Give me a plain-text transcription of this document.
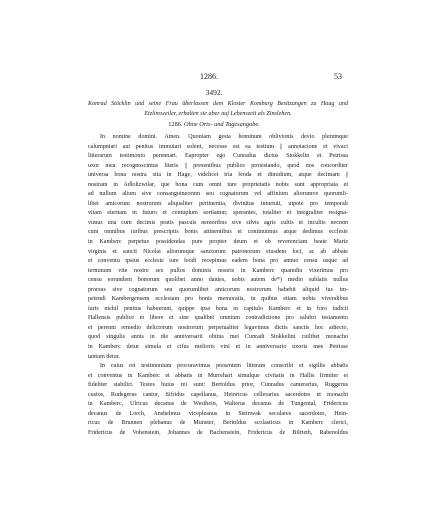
1286.	53
3492.
Konrad Stöcklin und seine Frau überlassen dem Kloster Komburg Besitzungen zu Haug und
Etzlinsweiler, erhalten sie aber auf Lebenszeit als Zinslehen.
1286. Ohne Orts- und Tagesangabe.
In nomine domini. Amen. Quoniam gesta hominum oblivionis devio plerumque
calumpniari aut penitus immutari solent, necesse est ea testium || annotacione et vivaci
litterarum testimonio perennari. Eapropter ego Cunradus dictus Stokkelin et Petrissa
uxor mea recognoscimus literis || presentibus publice protestando, quod nos concorditer
universa bona nostra sita in Hage, videlicet tria feoda et dimidium, atque decimam ||
nostram in Adloltzwilar, que bona cum omni iure proprietatis nobis sunt appropriata et
ad nullum alium sive consanguineorum seu cognatorum vel affinium aliorumve quorumli-
libet amicorum nostrorum aliqualiter pertinentia, divinitus inturtuti, utpote pro temporali
vitam eternam in futuro et centuplum sortiamur, sperantes, totaliter et integraliter resigna-
vimus una cum decimis pratis pascuis nemoribus sive silvis agris cultis et incultis necnon
cum omnibus iuribus prescriptis bonis attinentibus et continuimus atque dedimus ecclesie
in Kamberc perpetue possidendas pure propter deum et ob reverenciam beate Marie
virginis et sancti Nicolai aliorumque sanctorum patronorum eiusdem loci, ac ab abbate
et conventu ipsius ecclesie iure feodi recepimus eadem bona pro annuo censu usque ad
terminum vite nostre sex pullos dominis nostris in Kamberc quamdiu vixerimus pro
censu eorundem bonorum quolibet anno dantes, nobis autem de*) medio sublatis nullus
prorsus sive cognatorum seu quorumlibet amicorum nostrorum habebit aliquid ius im-
petendi Kambergensem ecclesiam pro bonis memoratis, in quibus etiam nobis vivendibus
iuris nichil penitus habuerunt, quippe ipsa bona in capitulo Kamberc et in foro iudicii
Hallensis publice et libere et sine qualibet omnium contradictione pro salubri testamento
et perenni remedio delictorum nostrorum perpetualiter legavimus dictis sanctis hoc adiecto,
quod singulis annis in die anniversarii obitus mei Cunradi Stokkelini cuilibet monacho
in Kamberc detur simula et cifus melioris vini et in anniversario uxoris mee Petrisse
tantum detur.
In cuius rei testimonium procuravimus presentem litteram conscribi et sigillis abbatis
et conventus in Kamberc et abbatis in Murrehart simulque civitatis in Hallis firmiter et
fideliter stabiliri. Testes huius rei sunt: Bertoldus prior, Cunradus camerarius, Ruggerus
custos, Rudegerus cantor, Sifridus capellanus, Heinricus cellerarius sacerdotes et monachi
in Kamberc, Ulricus decanus de Westhein, Walterus decanus de Tungental, Fridericus
decanus de Lorch, Anshelmus vicepleanus in Steinwak seculares sacerdotes, Hein-
ricus de Brunnen plebanus de Munster, Bertoldus scolasticus in Kamberc clerici,
Fridericus de Vohenstein, Johannes de Bachenstein, Fridericus de Bilrieth, Rabenoldus
